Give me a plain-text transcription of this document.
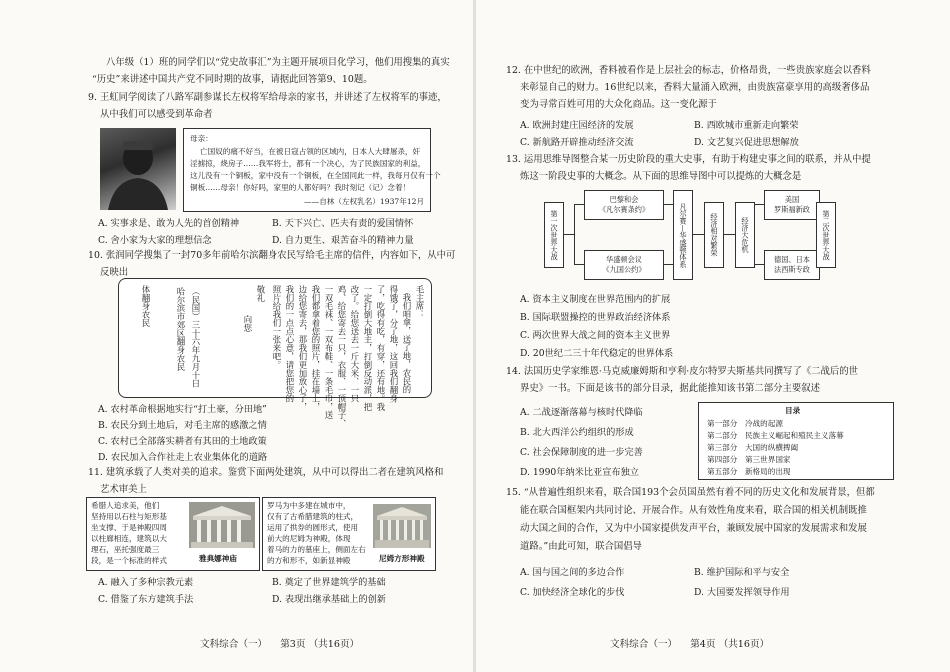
八年级（1）班的同学们以“党史故事汇”为主题开展项目化学习，他们用搜集的真实
“历史”来讲述中国共产党不同时期的故事，请据此回答第9、10题。
9. 王虹同学阅读了八路军副参谋长左权将军给母亲的家书，并讲述了左权将军的事迹，
从中我们可以感受到革命者
母亲：
亡国奴的痛不好当，在被日寇占领的区域内，日本人大肆屠杀，奸
淫掳掠，烧房子……我军将士，都有一个决心，为了民族国家的利益，
这儿没有一个铜板，家中没有一个铜板，在全国同此一样，我每月仅有一个
铜板……母亲！你好吗，家里的人都好吗？我时刻记（记）念着！
——自林（左权乳名）1937年12月
A. 实事求是、敢为人先的首创精神	B. 天下兴亡、匹夫有责的爱国情怀
C. 舍小家为大家的理想信念	D. 自力更生、艰苦奋斗的精神力量
10. 张润同学搜集了一封70多年前哈尔滨翻身农民写给毛主席的信件，内容如下，从中可
反映出
毛主席：
我们咱拿，送了地，农民的
得饿了，分了地，这回我们翻身
了，吃得有吃，有穿，还有地。我
一定打倒大地主，打倒反动派，把
改了。给您送去一斤大米、一只
鸡、给您寄去一只，衣服、一顶帽子、
一双毛袜、一双布鞋、一条毛巾，送
我们都拿着您的照片，挂在墙上，
边给您寄去，那我们更加放心了，
我们的一点点心意，请您把您的
照片给我们一张来吧。
敬礼
向您
（民国）三十六年九月十日
哈尔滨市郊区翻身农民
体翻身农民
A. 农村革命根据地实行“打土豪，分田地”
B. 农民分到土地后，对毛主席的感激之情
C. 农村已全部落实耕者有其田的土地政策
D. 农民加入合作社走上农业集体化的道路
11. 建筑承载了人类对美的追求。鉴赏下面两处建筑，从中可以得出二者在建筑风格和
艺术审美上
希腊人追求美，他们
坚持用以石柱与矩形基
坐支撑、于是神殿四周
以柱廊相连，建筑以大
理石，巫托强度最三
段，是一个标准的样式	雅典娜神庙
罗马为中多建在城市中，
仅有了古希腊建筑的柱式，
运用了拱券的圆形式，使用
前大的尼姆为神殿，体现
着马的力的墓座上，侧面左右
的方和形不，如新显神殿	尼姆方形神殿
A. 融入了多种宗教元素	B. 奠定了世界建筑学的基础
C. 借鉴了东方建筑手法	D. 表现出继承基础上的创新
文科综合（一） 第3页 （共16页）
12. 在中世纪的欧洲，香料被看作是上层社会的标志，价格昂贵，一些贵族家庭会以香料
来彰显自己的财力。16世纪以来，香料大量涌入欧洲，由贵族富豪享用的高级奢侈品
变为寻常百姓可用的大众化商品。这一变化源于
A. 欧洲封建庄园经济的发展	B. 西欧城市重新走向繁荣
C. 新航路开辟推动经济交流	D. 文艺复兴促进思想解放
13. 运用思维导图整合某一历史阶段的重大史事，有助于构建史事之间的联系，并从中提
炼这一阶段史事的大概念。从下面的思维导图中可以提炼的大概念是
第一次世界大战
巴黎和会
《凡尔赛条约》
华盛顿会议
《九国公约》
凡尔赛—华盛顿体系	经济相对繁荣	经济大危机
美国
罗斯福新政
德国、日本
法西斯专政
第二次世界大战
A. 资本主义制度在世界范围内的扩展
B. 国际联盟操控的世界政治经济体系
C. 两次世界大战之间的资本主义世界
D. 20世纪二三十年代稳定的世界体系
14. 法国历史学家维恩·马克威廉姆斯和亨利·皮尔特罗夫斯基共同撰写了《二战后的世
界史》一书。下面是该书的部分目录，据此能推知该书第二部分主要叙述
A. 二战逐渐落幕与核时代降临
B. 北大西洋公约组织的形成
C. 社会保障制度的进一步完善
D. 1990年纳米比亚宣布独立
目录
第一部分　冷战的起源
第二部分　民族主义崛起和殖民主义落幕
第三部分　大国的纵横捭阖
第四部分　第三世界国家
第五部分　新格局的出现
15. “从普遍性组织来看，联合国193个会员国虽然有着不同的历史文化和发展背景，但都
能在联合国框架内共同讨论、开展合作。从有效性角度来看，联合国的相关机制既推
动大国之间的合作，又为中小国家提供发声平台，兼顾发展中国家的发展需求和发展
道路。”由此可知，联合国倡导
A. 国与国之间的多边合作	B. 维护国际和平与安全
C. 加快经济全球化的步伐	D. 大国要发挥领导作用
文科综合（一） 第4页 （共16页）
